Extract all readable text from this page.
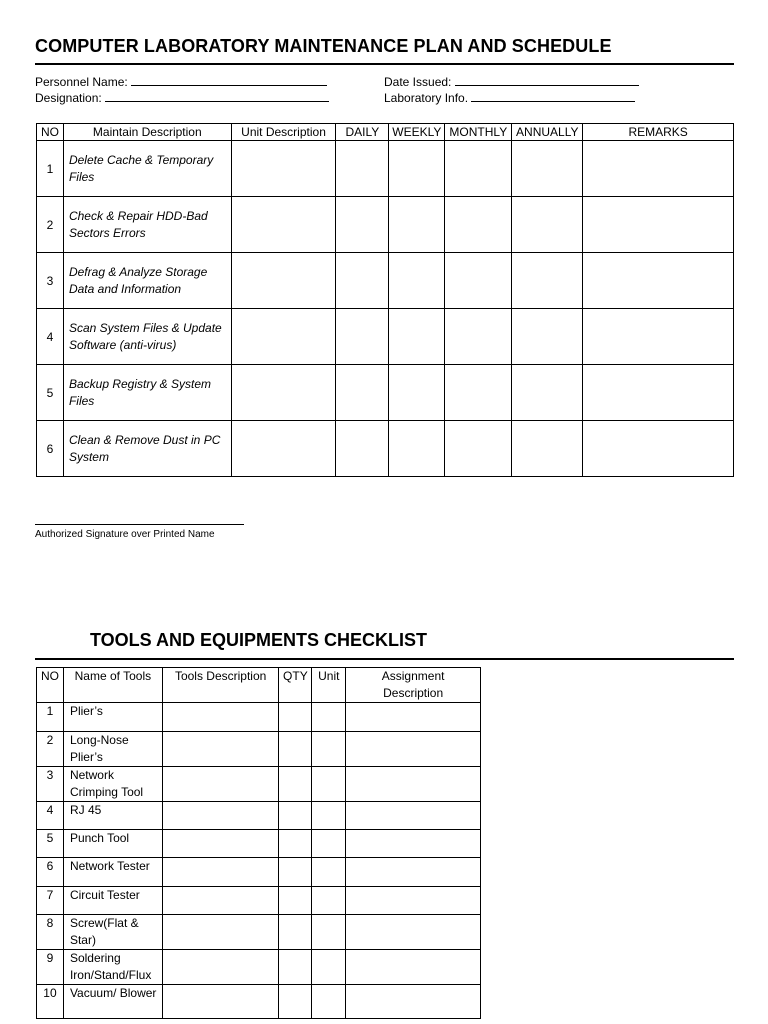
COMPUTER LABORATORY MAINTENANCE PLAN AND SCHEDULE
Personnel Name:
Designation:
Date Issued:
Laboratory Info.
NO	Maintain Description	Unit Description	DAILY	WEEKLY	MONTHLY	ANNUALLY	REMARKS
1	Delete Cache & Temporary Files						
2	Check & Repair HDD-Bad Sectors Errors						
3	Defrag & Analyze Storage Data and Information						
4	Scan System Files & Update Software (anti-virus)						
5	Backup Registry & System Files						
6	Clean & Remove Dust in PC System						
Authorized Signature over Printed Name
TOOLS AND EQUIPMENTS CHECKLIST
NO	Name of Tools	Tools Description	QTY	Unit	Assignment Description
1	Plier’s				
2	Long-Nose Plier’s				
3	Network Crimping Tool				
4	RJ 45				
5	Punch Tool				
6	Network Tester				
7	Circuit Tester				
8	Screw(Flat & Star)				
9	Soldering Iron/Stand/Flux				
10	Vacuum/ Blower				
